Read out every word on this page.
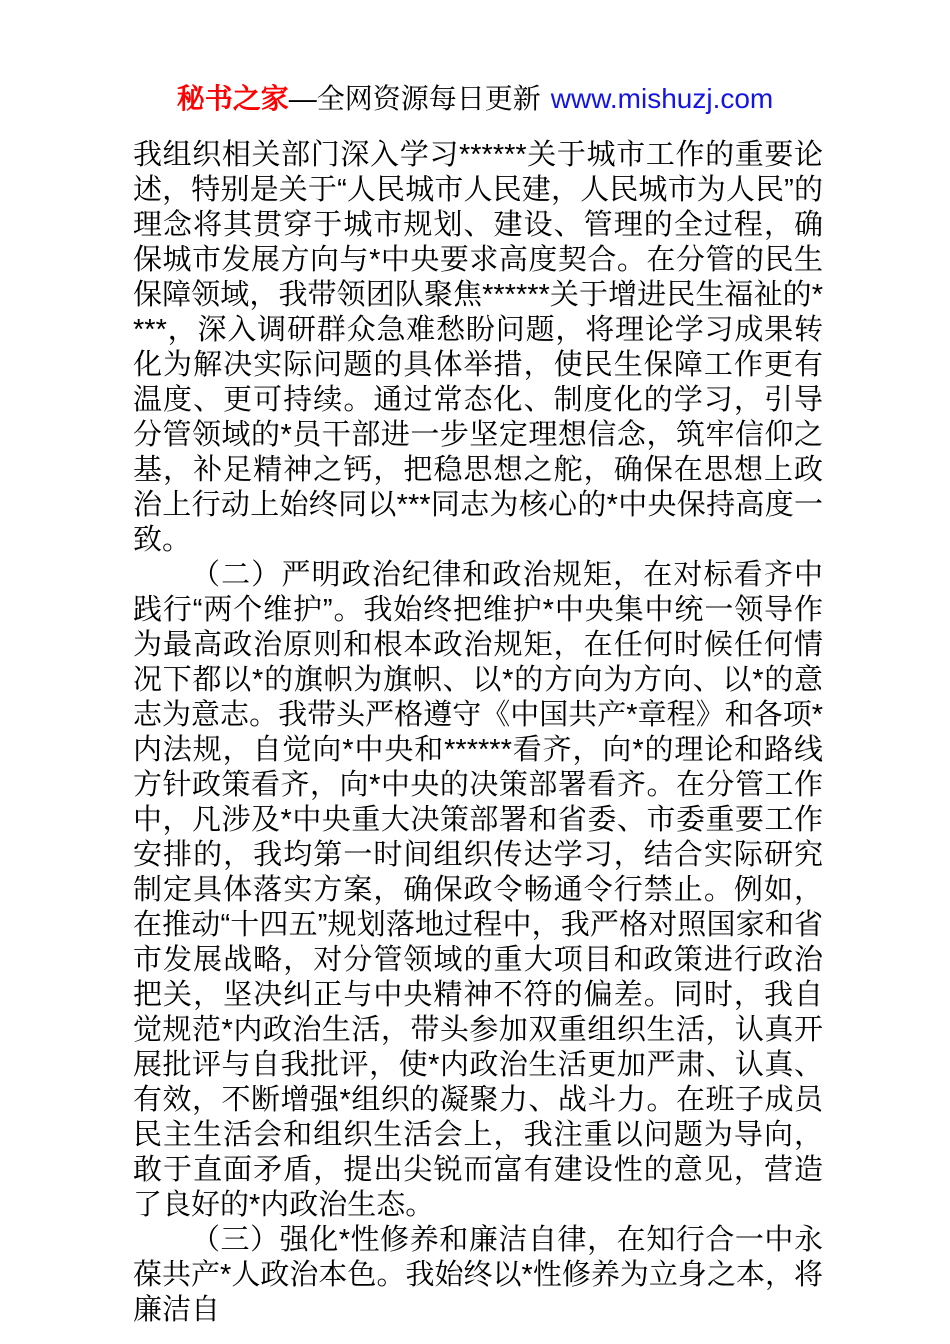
秘书之家—全网资源每日更新 www.mishuzj.com

我组织相关部门深入学习******关于城市工作的重要论述，特别是关于“人民城市人民建，人民城市为人民”的理念将其贯穿于城市规划、建设、管理的全过程，确保城市发展方向与*中央要求高度契合。在分管的民生保障领域，我带领团队聚焦******关于增进民生福祉的****，深入调研群众急难愁盼问题，将理论学习成果转化为解决实际问题的具体举措，使民生保障工作更有温度、更可持续。通过常态化、制度化的学习，引导分管领域的*员干部进一步坚定理想信念，筑牢信仰之基，补足精神之钙，把稳思想之舵，确保在思想上政治上行动上始终同以***同志为核心的*中央保持高度一致。

（二）严明政治纪律和政治规矩，在对标看齐中践行“两个维护”。我始终把维护*中央集中统一领导作为最高政治原则和根本政治规矩，在任何时候任何情况下都以*的旗帜为旗帜、以*的方向为方向、以*的意志为意志。我带头严格遵守《中国共产*章程》和各项*内法规，自觉向*中央和******看齐，向*的理论和路线方针政策看齐，向*中央的决策部署看齐。在分管工作中，凡涉及*中央重大决策部署和省委、市委重要工作安排的，我均第一时间组织传达学习，结合实际研究制定具体落实方案，确保政令畅通令行禁止。例如，在推动“十四五”规划落地过程中，我严格对照国家和省市发展战略，对分管领域的重大项目和政策进行政治把关，坚决纠正与中央精神不符的偏差。同时，我自觉规范*内政治生活，带头参加双重组织生活，认真开展批评与自我批评，使*内政治生活更加严肃、认真、有效，不断增强*组织的凝聚力、战斗力。在班子成员民主生活会和组织生活会上，我注重以问题为导向，敢于直面矛盾，提出尖锐而富有建设性的意见，营造了良好的*内政治生态。

（三）强化*性修养和廉洁自律，在知行合一中永葆共产*人政治本色。我始终以*性修养为立身之本，将廉洁自
